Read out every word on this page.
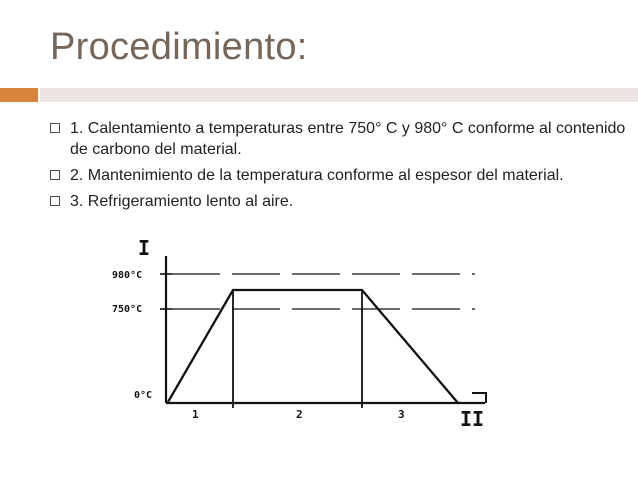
Procedimiento:
1. Calentamiento a temperaturas entre 750° C y 980° C conforme al contenido de carbono del material.
2. Mantenimiento de la temperatura conforme al espesor del material.
3. Refrigeramiento lento al aire.
I
II
980°C
750°C
0°C
1	2	3
